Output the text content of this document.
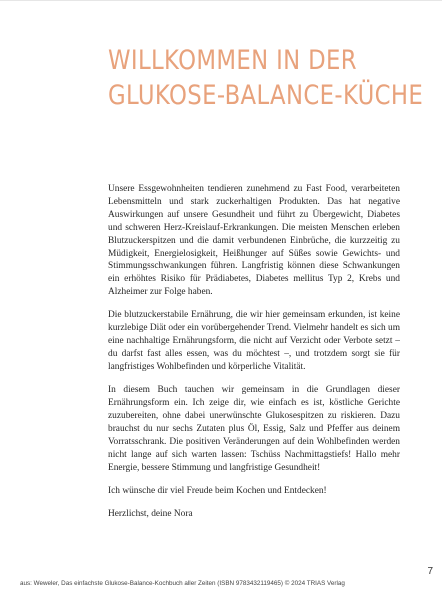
WILLKOMMEN IN DER
GLUKOSE-BALANCE-KÜCHE

Unsere Essgewohnheiten tendieren zunehmend zu Fast Food, verarbeiteten Lebensmitteln und stark zuckerhaltigen Produkten. Das hat negative Auswirkungen auf unsere Gesundheit und führt zu Übergewicht, Diabetes und schweren Herz-Kreislauf-Erkrankungen. Die meisten Menschen erleben Blutzuckerspitzen und die damit verbundenen Einbrüche, die kurzzeitig zu Müdigkeit, Energielosigkeit, Heißhunger auf Süßes sowie Gewichts- und Stimmungsschwankungen führen. Langfristig können diese Schwankungen ein erhöhtes Risiko für Prädiabetes, Diabetes mellitus Typ 2, Krebs und Alzheimer zur Folge haben.

Die blutzuckerstabile Ernährung, die wir hier gemeinsam erkunden, ist keine kurzlebige Diät oder ein vorübergehender Trend. Vielmehr handelt es sich um eine nachhaltige Ernährungsform, die nicht auf Verzicht oder Verbote setzt – du darfst fast alles essen, was du möchtest –, und trotzdem sorgt sie für langfristiges Wohlbefinden und körperliche Vitalität.

In diesem Buch tauchen wir gemeinsam in die Grundlagen dieser Ernährungsform ein. Ich zeige dir, wie einfach es ist, köstliche Gerichte zuzubereiten, ohne dabei unerwünschte Glukosespitzen zu riskieren. Dazu brauchst du nur sechs Zutaten plus Öl, Essig, Salz und Pfeffer aus deinem Vorratsschrank. Die positiven Veränderungen auf dein Wohlbefinden werden nicht lange auf sich warten lassen: Tschüss Nachmittagstiefs! Hallo mehr Energie, bessere Stimmung und langfristige Gesundheit!

Ich wünsche dir viel Freude beim Kochen und Entdecken!

Herzlichst, deine Nora

7
aus: Weweler, Das einfachste Glukose-Balance-Kochbuch aller Zeiten (ISBN 9783432119465) © 2024 TRIAS Verlag
